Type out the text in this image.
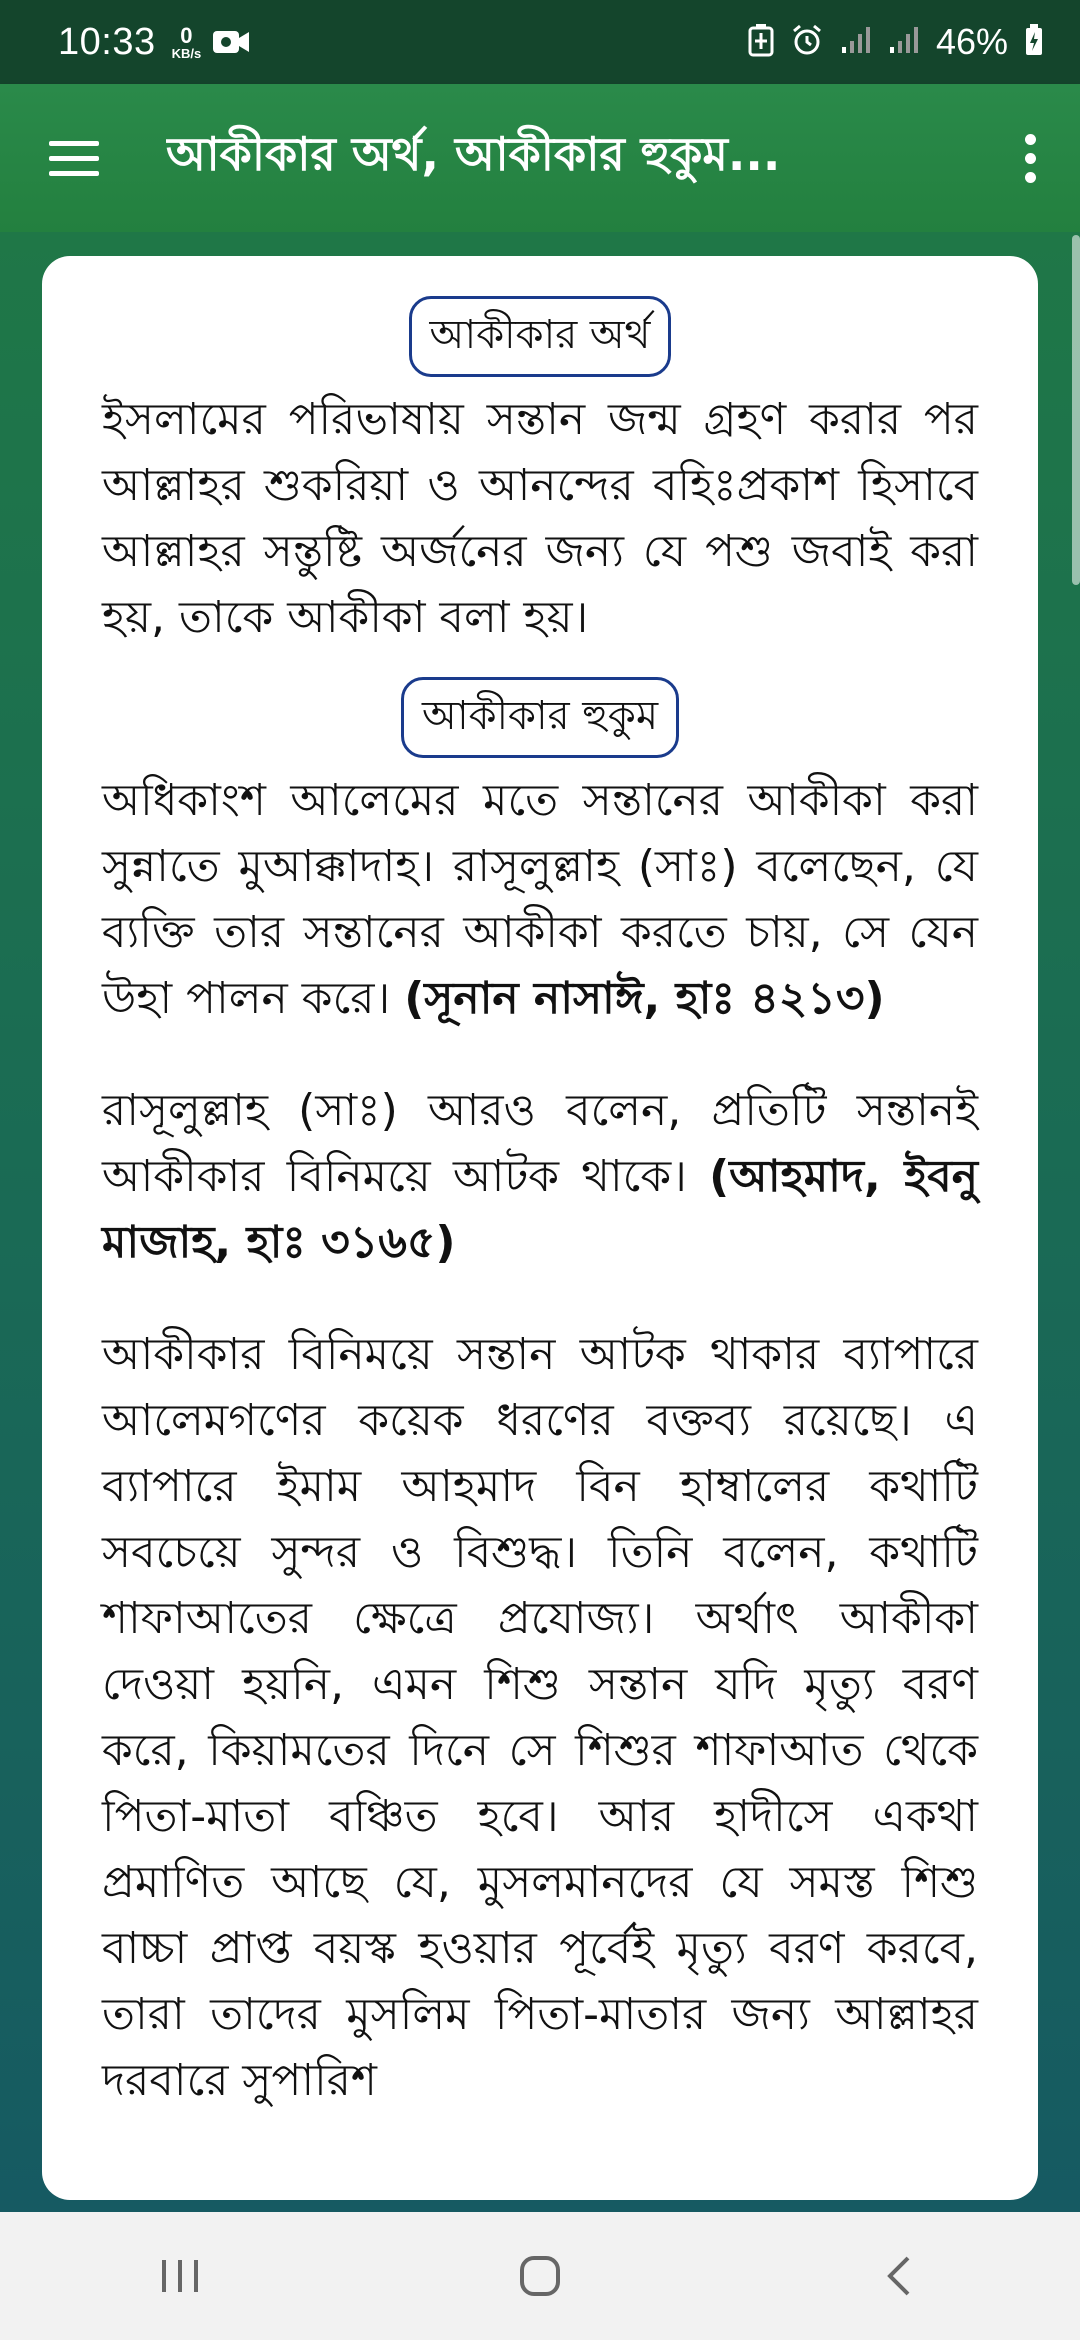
10:33 0
KB/s	46%
আকীকার অর্থ, আকীকার হুকুম...
আকীকার অর্থ

ইসলামের পরিভাষায় সন্তান জন্ম গ্রহণ করার পর আল্লাহর শুকরিয়া ও আনন্দের বহিঃপ্রকাশ হিসাবে আল্লাহর সন্তুষ্টি অর্জনের জন্য যে পশু জবাই করা হয়, তাকে আকীকা বলা হয়।

আকীকার হুকুম

অধিকাংশ আলেমের মতে সন্তানের আকীকা করা সুন্নাতে মুআক্কাদাহ। রাসূলুল্লাহ (সাঃ) বলেছেন, যে ব্যক্তি তার সন্তানের আকীকা করতে চায়, সে যেন উহা পালন করে। (সূনান নাসাঈ, হাঃ ৪২১৩)

রাসূলুল্লাহ (সাঃ) আরও বলেন, প্রতিটি সন্তানই আকীকার বিনিময়ে আটক থাকে। (আহমাদ, ইবনু মাজাহ, হাঃ ৩১৬৫)

আকীকার বিনিময়ে সন্তান আটক থাকার ব্যাপারে আলেমগণের কয়েক ধরণের বক্তব্য রয়েছে। এ ব্যাপারে ইমাম আহমাদ বিন হাম্বালের কথাটি সবচেয়ে সুন্দর ও বিশুদ্ধ। তিনি বলেন, কথাটি শাফাআতের ক্ষেত্রে প্রযোজ্য। অর্থাৎ আকীকা দেওয়া হয়নি, এমন শিশু সন্তান যদি মৃত্যু বরণ করে, কিয়ামতের দিনে সে শিশুর শাফাআত থেকে পিতা-মাতা বঞ্চিত হবে। আর হাদীসে একথা প্রমাণিত আছে যে, মুসলমানদের যে সমস্ত শিশু বাচ্চা প্রাপ্ত বয়স্ক হওয়ার পূর্বেই মৃত্যু বরণ করবে, তারা তাদের মুসলিম পিতা-মাতার জন্য আল্লাহর দরবারে সুপারিশ
